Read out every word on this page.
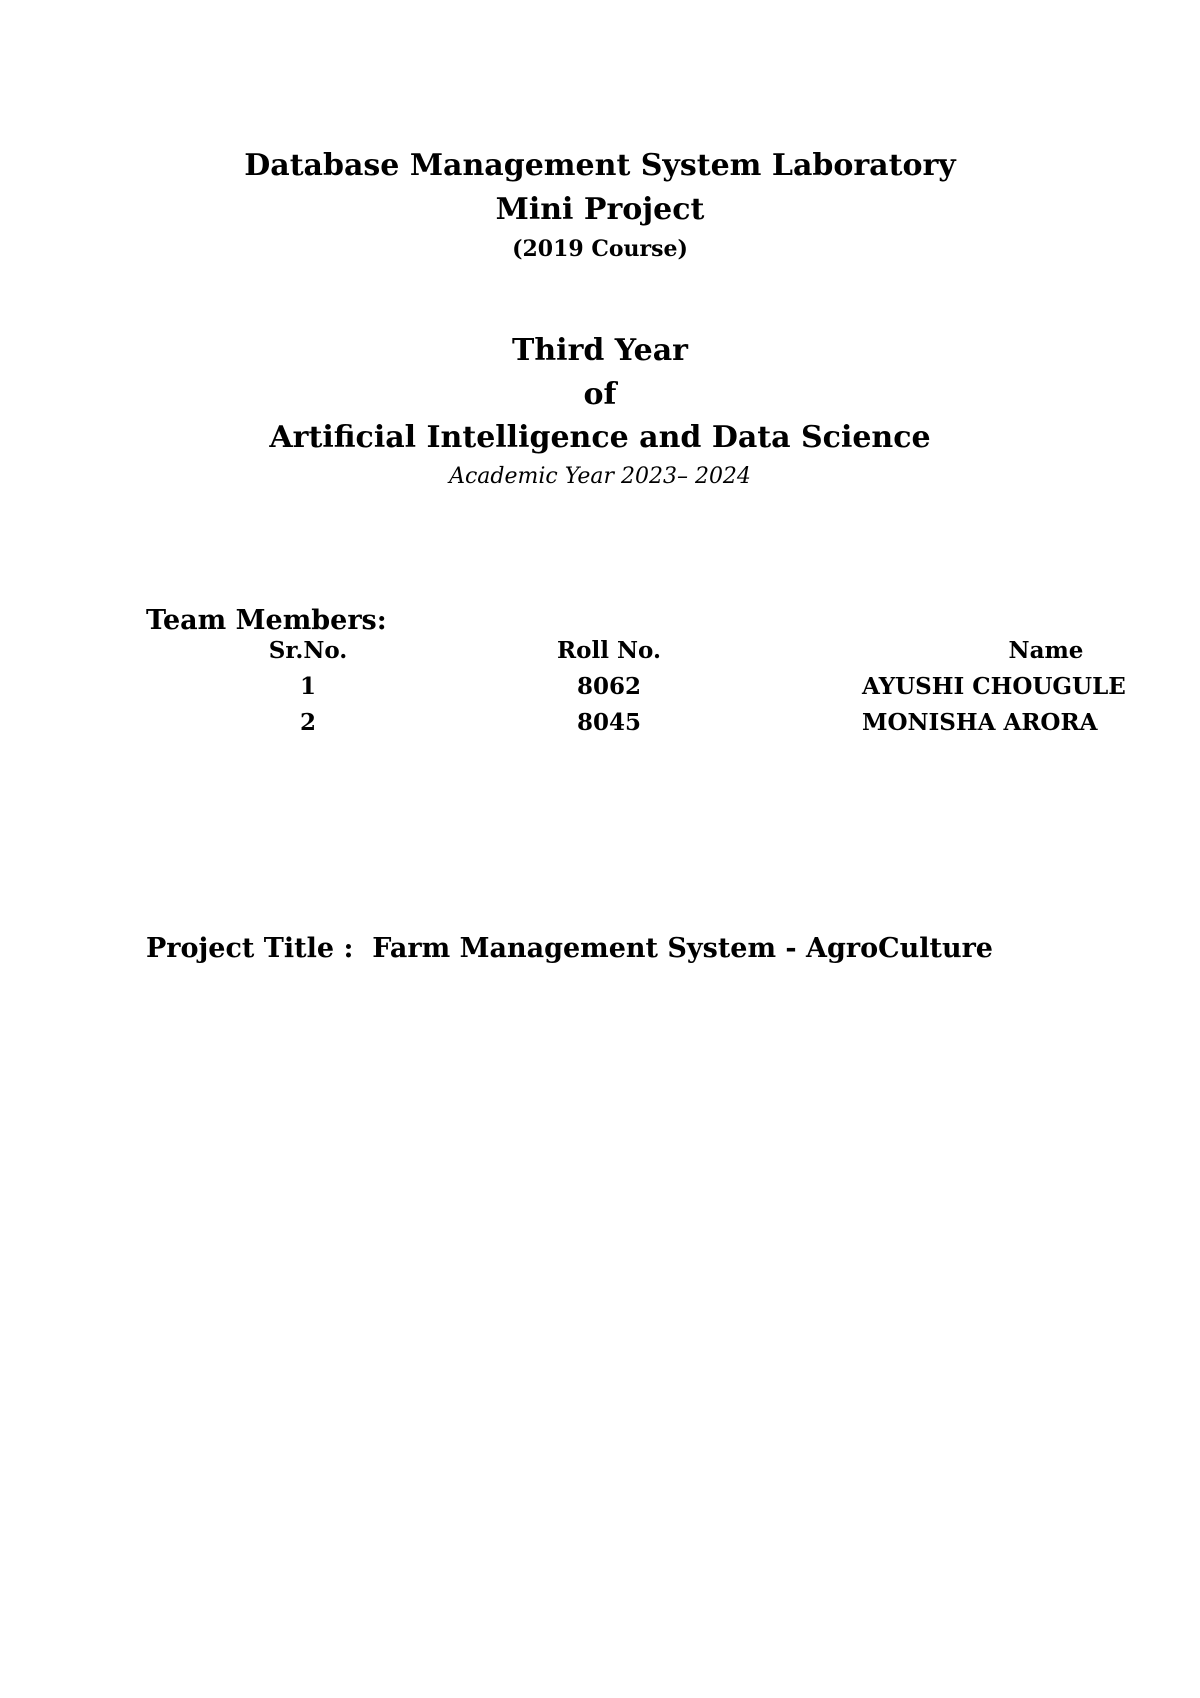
Database Management System Laboratory
Mini Project
(2019 Course)
Third Year
of
Artificial Intelligence and Data Science
Academic Year 2023– 2024
Team Members:
Sr.No.	Roll No.	Name
1	8062	AYUSHI CHOUGULE
2	8045	MONISHA ARORA
Project Title : Farm Management System - AgroCulture
